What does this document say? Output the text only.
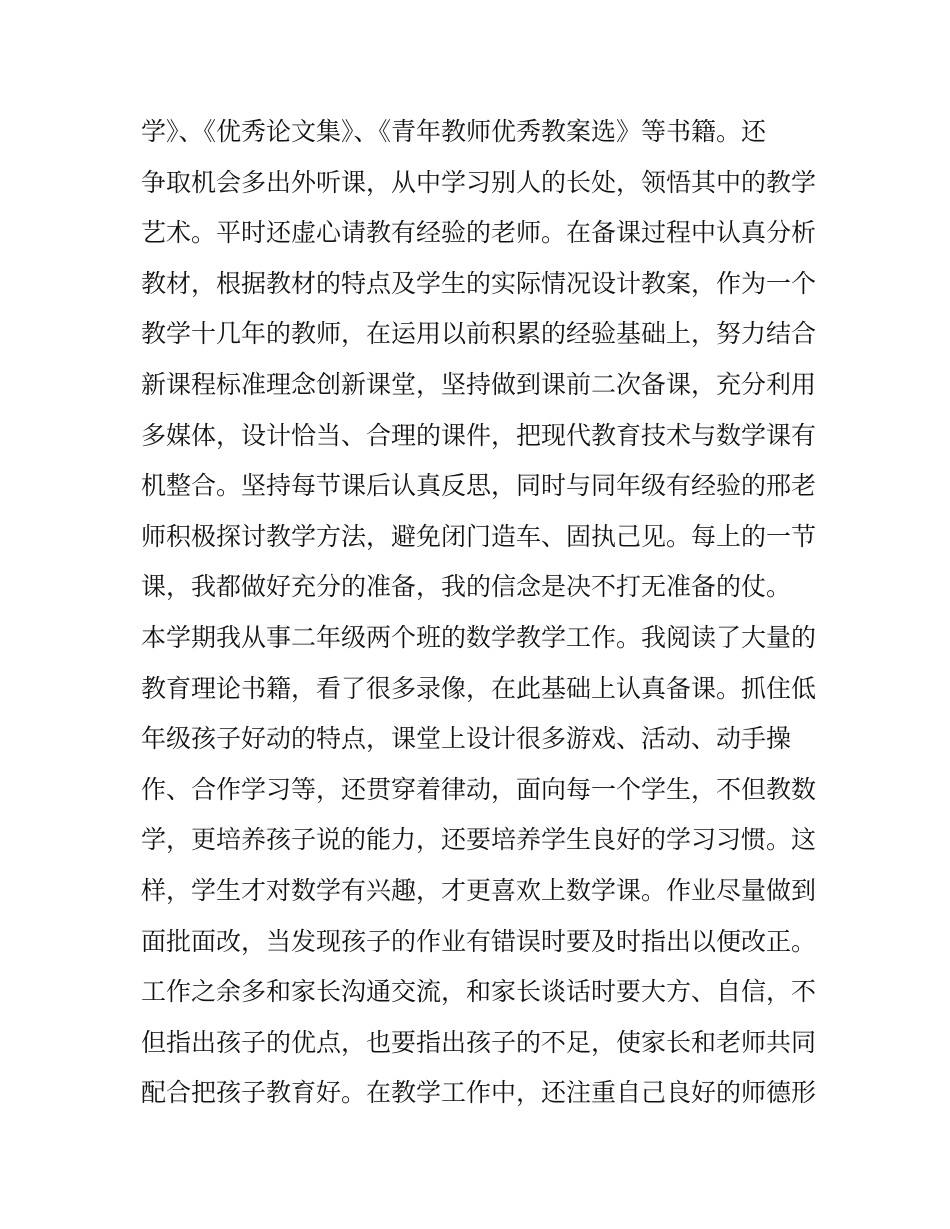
学》、《优秀论文集》、《青年教师优秀教案选》等书籍。还
争取机会多出外听课，从中学习别人的长处，领悟其中的教学
艺术。平时还虚心请教有经验的老师。在备课过程中认真分析
教材，根据教材的特点及学生的实际情况设计教案，作为一个
教学十几年的教师，在运用以前积累的经验基础上，努力结合
新课程标准理念创新课堂，坚持做到课前二次备课，充分利用
多媒体，设计恰当、合理的课件，把现代教育技术与数学课有
机整合。坚持每节课后认真反思，同时与同年级有经验的邢老
师积极探讨教学方法，避免闭门造车、固执己见。每上的一节
课，我都做好充分的准备，我的信念是决不打无准备的仗。
本学期我从事二年级两个班的数学教学工作。我阅读了大量的
教育理论书籍，看了很多录像，在此基础上认真备课。抓住低
年级孩子好动的特点，课堂上设计很多游戏、活动、动手操
作、合作学习等，还贯穿着律动，面向每一个学生，不但教数
学，更培养孩子说的能力，还要培养学生良好的学习习惯。这
样，学生才对数学有兴趣，才更喜欢上数学课。作业尽量做到
面批面改，当发现孩子的作业有错误时要及时指出以便改正。
工作之余多和家长沟通交流，和家长谈话时要大方、自信，不
但指出孩子的优点，也要指出孩子的不足，使家长和老师共同
配合把孩子教育好。在教学工作中，还注重自己良好的师德形
